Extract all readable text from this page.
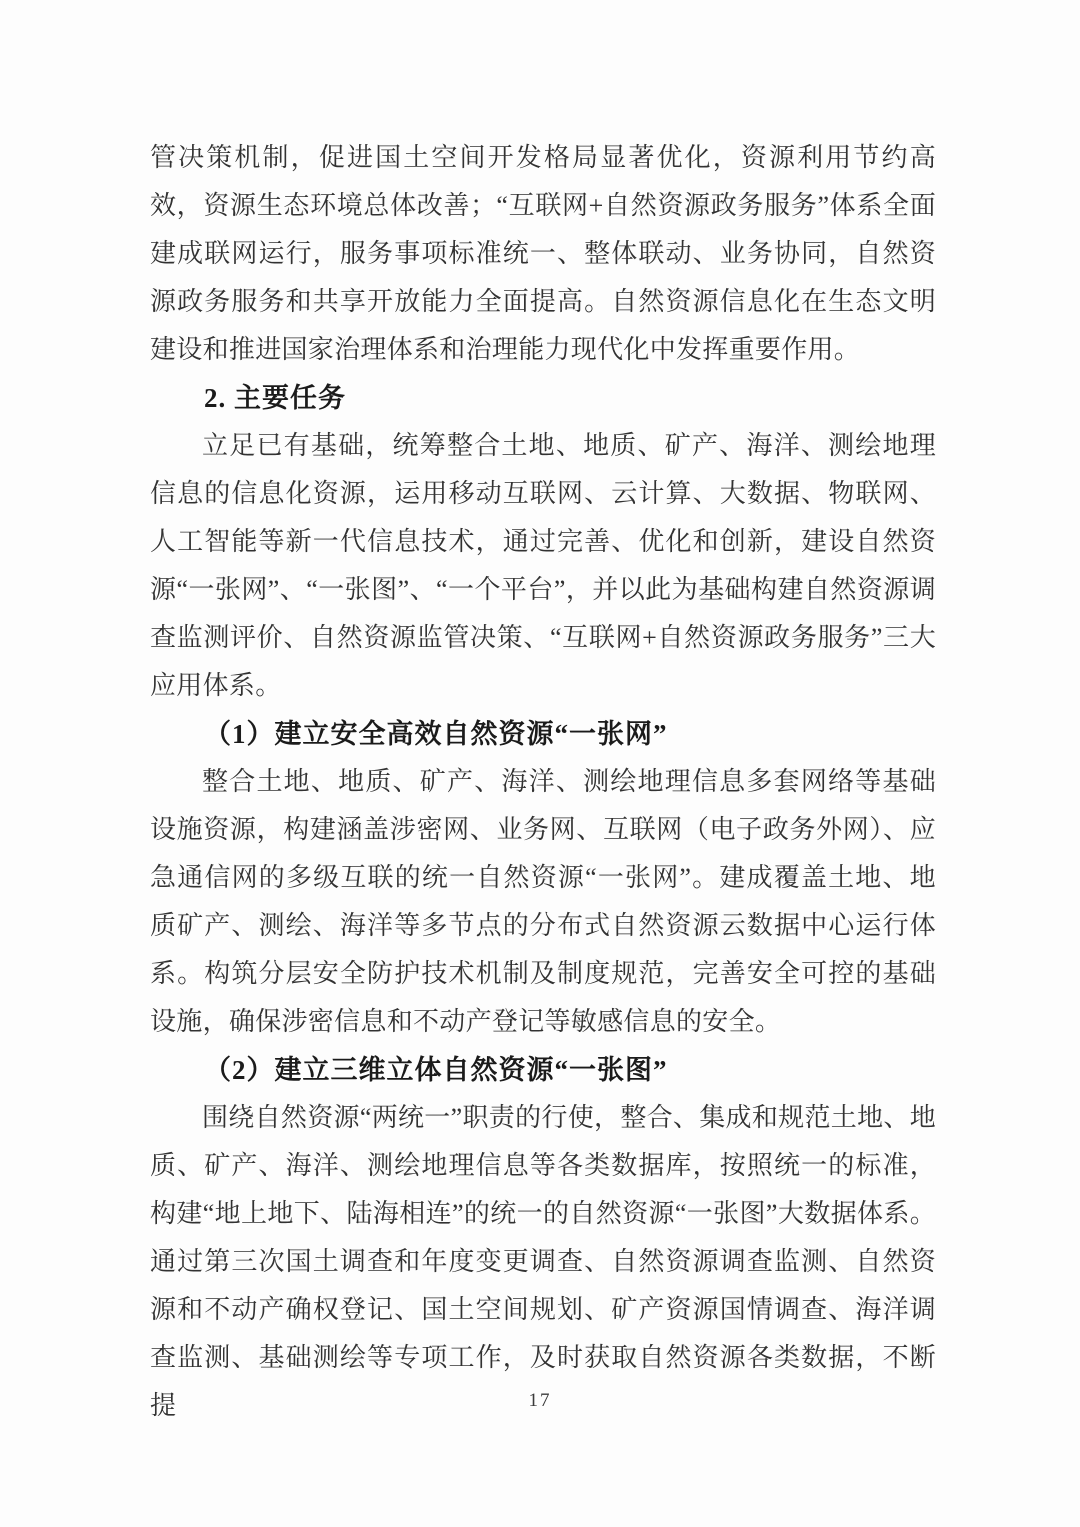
管决策机制，促进国土空间开发格局显著优化，资源利用节约高效，资源生态环境总体改善；“互联网+自然资源政务服务”体系全面建成联网运行，服务事项标准统一、整体联动、业务协同，自然资源政务服务和共享开放能力全面提高。自然资源信息化在生态文明建设和推进国家治理体系和治理能力现代化中发挥重要作用。

2. 主要任务

立足已有基础，统筹整合土地、地质、矿产、海洋、测绘地理信息的信息化资源，运用移动互联网、云计算、大数据、物联网、人工智能等新一代信息技术，通过完善、优化和创新，建设自然资源“一张网”、“一张图”、“一个平台”，并以此为基础构建自然资源调查监测评价、自然资源监管决策、“互联网+自然资源政务服务”三大应用体系。

（1）建立安全高效自然资源“一张网”

整合土地、地质、矿产、海洋、测绘地理信息多套网络等基础设施资源，构建涵盖涉密网、业务网、互联网（电子政务外网）、应急通信网的多级互联的统一自然资源“一张网”。建成覆盖土地、地质矿产、测绘、海洋等多节点的分布式自然资源云数据中心运行体系。构筑分层安全防护技术机制及制度规范，完善安全可控的基础设施，确保涉密信息和不动产登记等敏感信息的安全。

（2）建立三维立体自然资源“一张图”

围绕自然资源“两统一”职责的行使，整合、集成和规范土地、地质、矿产、海洋、测绘地理信息等各类数据库，按照统一的标准，构建“地上地下、陆海相连”的统一的自然资源“一张图”大数据体系。通过第三次国土调查和年度变更调查、自然资源调查监测、自然资源和不动产确权登记、国土空间规划、矿产资源国情调查、海洋调查监测、基础测绘等专项工作，及时获取自然资源各类数据，不断提	17
